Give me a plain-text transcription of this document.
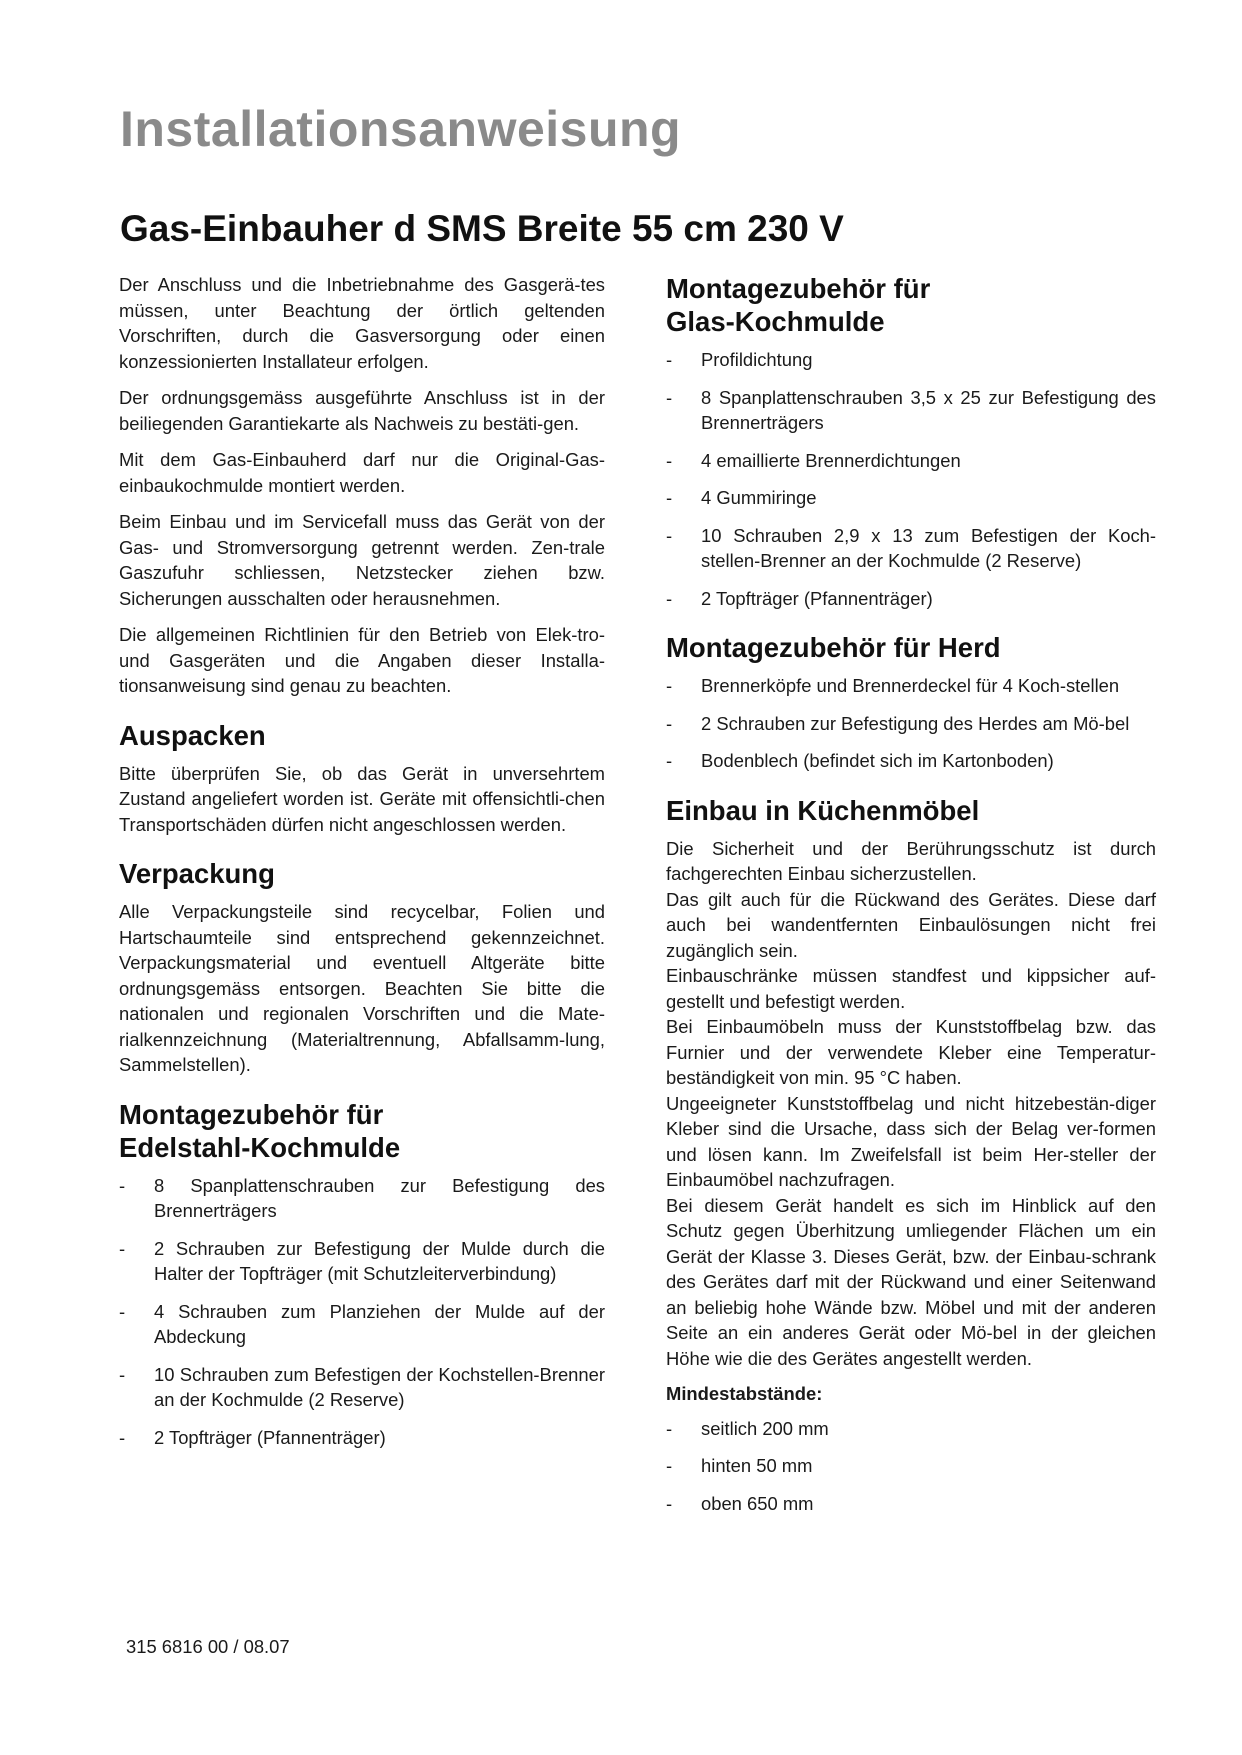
Installationsanweisung
Gas-Einbauher d SMS Breite 55 cm 230 V

Der Anschluss und die Inbetriebnahme des Gasgerä-tes müssen, unter Beachtung der örtlich geltenden Vorschriften, durch die Gasversorgung oder einen konzessionierten Installateur erfolgen.

Der ordnungsgemäss ausgeführte Anschluss ist in der beiliegenden Garantiekarte als Nachweis zu bestäti-gen.

Mit dem Gas-Einbauherd darf nur die Original-Gas-einbaukochmulde montiert werden.

Beim Einbau und im Servicefall muss das Gerät von der Gas- und Stromversorgung getrennt werden. Zen-trale Gaszufuhr schliessen, Netzstecker ziehen bzw. Sicherungen ausschalten oder herausnehmen.

Die allgemeinen Richtlinien für den Betrieb von Elek-tro- und Gasgeräten und die Angaben dieser Installa-tionsanweisung sind genau zu beachten.

Auspacken

Bitte überprüfen Sie, ob das Gerät in unversehrtem Zustand angeliefert worden ist. Geräte mit offensichtli-chen Transportschäden dürfen nicht angeschlossen werden.

Verpackung

Alle Verpackungsteile sind recycelbar, Folien und Hartschaumteile sind entsprechend gekennzeichnet. Verpackungsmaterial und eventuell Altgeräte bitte ordnungsgemäss entsorgen. Beachten Sie bitte die nationalen und regionalen Vorschriften und die Mate-rialkennzeichnung (Materialtrennung, Abfallsamm-lung, Sammelstellen).

Montagezubehör für
Edelstahl-Kochmulde
- 8 Spanplattenschrauben zur Befestigung des Brennerträgers
- 2 Schrauben zur Befestigung der Mulde durch die Halter der Topfträger (mit Schutzleiterverbindung)
- 4 Schrauben zum Planziehen der Mulde auf der Abdeckung
- 10 Schrauben zum Befestigen der Kochstellen-Brenner an der Kochmulde (2 Reserve)
- 2 Topfträger (Pfannenträger)
Montagezubehör für
Glas-Kochmulde
- Profildichtung
- 8 Spanplattenschrauben 3,5 x 25 zur Befestigung des Brennerträgers
- 4 emaillierte Brennerdichtungen
- 4 Gummiringe
- 10 Schrauben 2,9 x 13 zum Befestigen der Koch-stellen-Brenner an der Kochmulde (2 Reserve)
- 2 Topfträger (Pfannenträger)
Montagezubehör für Herd
- Brennerköpfe und Brennerdeckel für 4 Koch-stellen
- 2 Schrauben zur Befestigung des Herdes am Mö-bel
- Bodenblech (befindet sich im Kartonboden)
Einbau in Küchenmöbel

Die Sicherheit und der Berührungsschutz ist durch fachgerechten Einbau sicherzustellen.

Das gilt auch für die Rückwand des Gerätes. Diese darf auch bei wandentfernten Einbaulösungen nicht frei zugänglich sein.

Einbauschränke müssen standfest und kippsicher auf-gestellt und befestigt werden.

Bei Einbaumöbeln muss der Kunststoffbelag bzw. das Furnier und der verwendete Kleber eine Temperatur-beständigkeit von min. 95 °C haben.

Ungeeigneter Kunststoffbelag und nicht hitzebestän-diger Kleber sind die Ursache, dass sich der Belag ver-formen und lösen kann. Im Zweifelsfall ist beim Her-steller der Einbaumöbel nachzufragen.

Bei diesem Gerät handelt es sich im Hinblick auf den Schutz gegen Überhitzung umliegender Flächen um ein Gerät der Klasse 3. Dieses Gerät, bzw. der Einbau-schrank des Gerätes darf mit der Rückwand und einer Seitenwand an beliebig hohe Wände bzw. Möbel und mit der anderen Seite an ein anderes Gerät oder Mö-bel in der gleichen Höhe wie die des Gerätes angestellt werden.

Mindestabstände:
- seitlich 200 mm
- hinten 50 mm
- oben 650 mm
315 6816 00 / 08.07
